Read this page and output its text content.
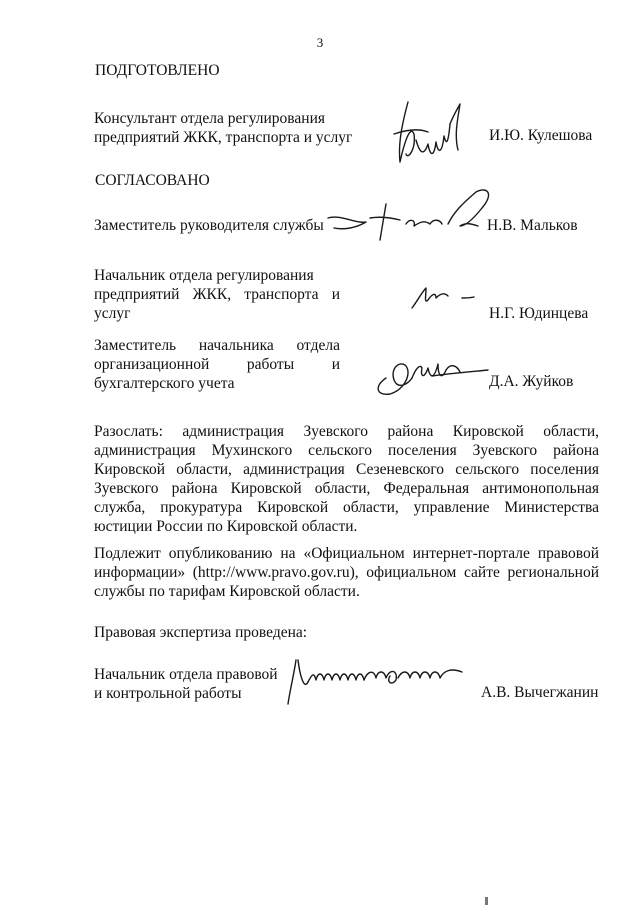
3
ПОДГОТОВЛЕНО
Консультант отдела регулирования
предприятий ЖКК, транспорта и услуг	И.Ю. Кулешова
СОГЛАСОВАНО
Заместитель руководителя службы	Н.В. Мальков
Начальник отдела регулирования
предприятий ЖКК, транспорта и
услуг	Н.Г. Юдинцева
Заместитель начальника отдела
организационной работы и
бухгалтерского учета	Д.А. Жуйков
Разослать: администрация Зуевского района Кировской области, администрация Мухинского сельского поселения Зуевского района Кировской области, администрация Сезеневского сельского поселения Зуевского района Кировской области, Федеральная антимонопольная служба, прокуратура Кировской области, управление Министерства юстиции России по Кировской области.
Подлежит опубликованию на «Официальном интернет-портале правовой информации» (http://www.pravo.gov.ru), официальном сайте региональной службы по тарифам Кировской области.
Правовая экспертиза проведена:
Начальник отдела правовой
и контрольной работы	А.В. Вычегжанин
